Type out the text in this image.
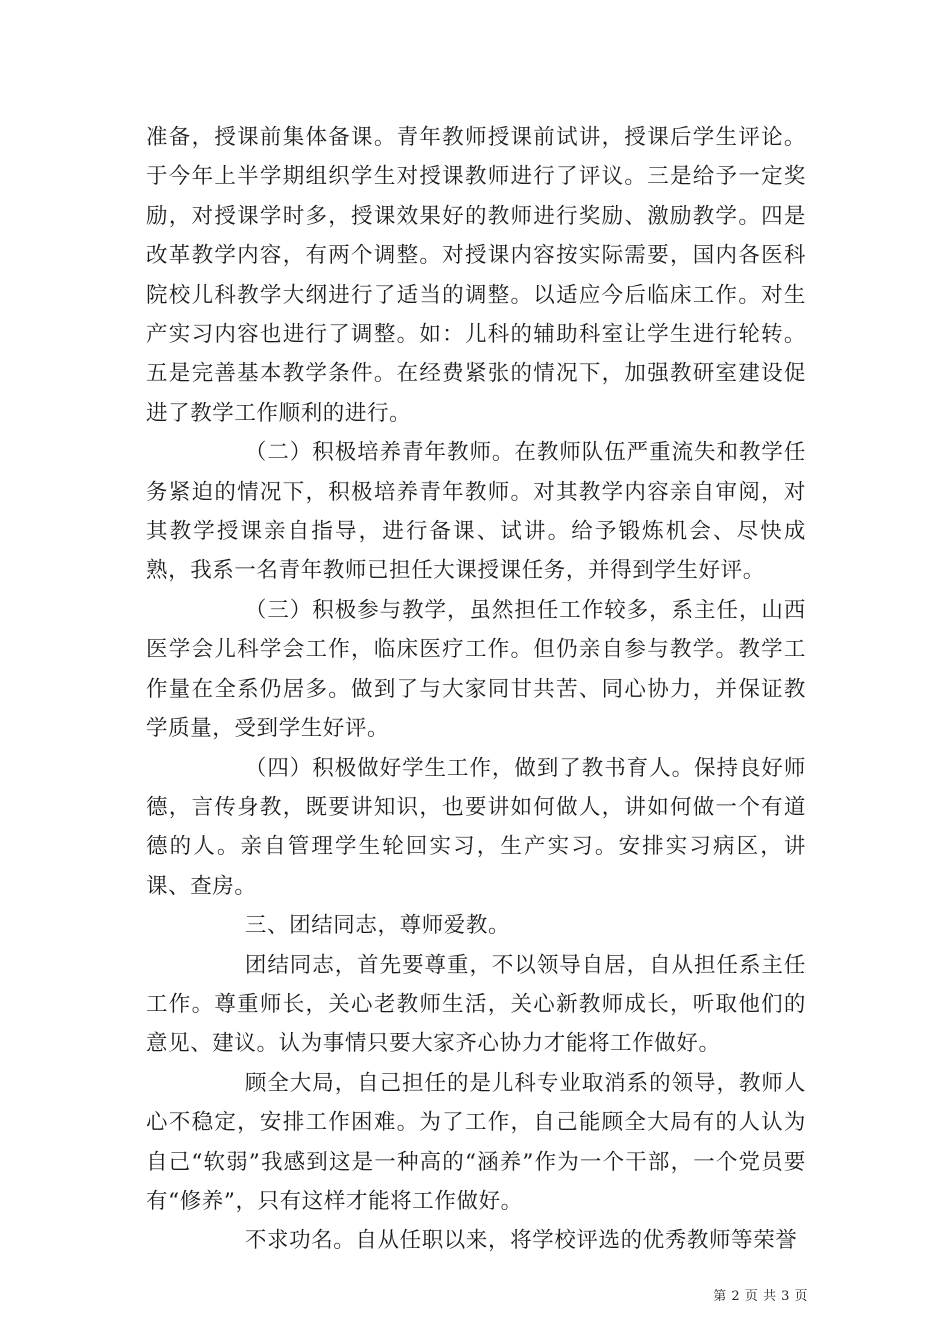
准备，授课前集体备课。青年教师授课前试讲，授课后学生评论。于今年上半学期组织学生对授课教师进行了评议。三是给予一定奖励，对授课学时多，授课效果好的教师进行奖励、激励教学。四是改革教学内容，有两个调整。对授课内容按实际需要，国内各医科院校儿科教学大纲进行了适当的调整。以适应今后临床工作。对生产实习内容也进行了调整。如：儿科的辅助科室让学生进行轮转。五是完善基本教学条件。在经费紧张的情况下，加强教研室建设促进了教学工作顺利的进行。

（二）积极培养青年教师。在教师队伍严重流失和教学任务紧迫的情况下，积极培养青年教师。对其教学内容亲自审阅，对其教学授课亲自指导，进行备课、试讲。给予锻炼机会、尽快成熟，我系一名青年教师已担任大课授课任务，并得到学生好评。

（三）积极参与教学，虽然担任工作较多，系主任，山西医学会儿科学会工作，临床医疗工作。但仍亲自参与教学。教学工作量在全系仍居多。做到了与大家同甘共苦、同心协力，并保证教学质量，受到学生好评。

（四）积极做好学生工作，做到了教书育人。保持良好师德，言传身教，既要讲知识，也要讲如何做人，讲如何做一个有道德的人。亲自管理学生轮回实习，生产实习。安排实习病区，讲课、查房。

三、团结同志，尊师爱教。

团结同志，首先要尊重，不以领导自居，自从担任系主任工作。尊重师长，关心老教师生活，关心新教师成长，听取他们的意见、建议。认为事情只要大家齐心协力才能将工作做好。

顾全大局，自己担任的是儿科专业取消系的领导，教师人心不稳定，安排工作困难。为了工作，自己能顾全大局有的人认为自己“软弱”我感到这是一种高的“涵养”作为一个干部，一个党员要有“修养”，只有这样才能将工作做好。

不求功名。自从任职以来，将学校评选的优秀教师等荣誉

第 2 页 共 3 页
